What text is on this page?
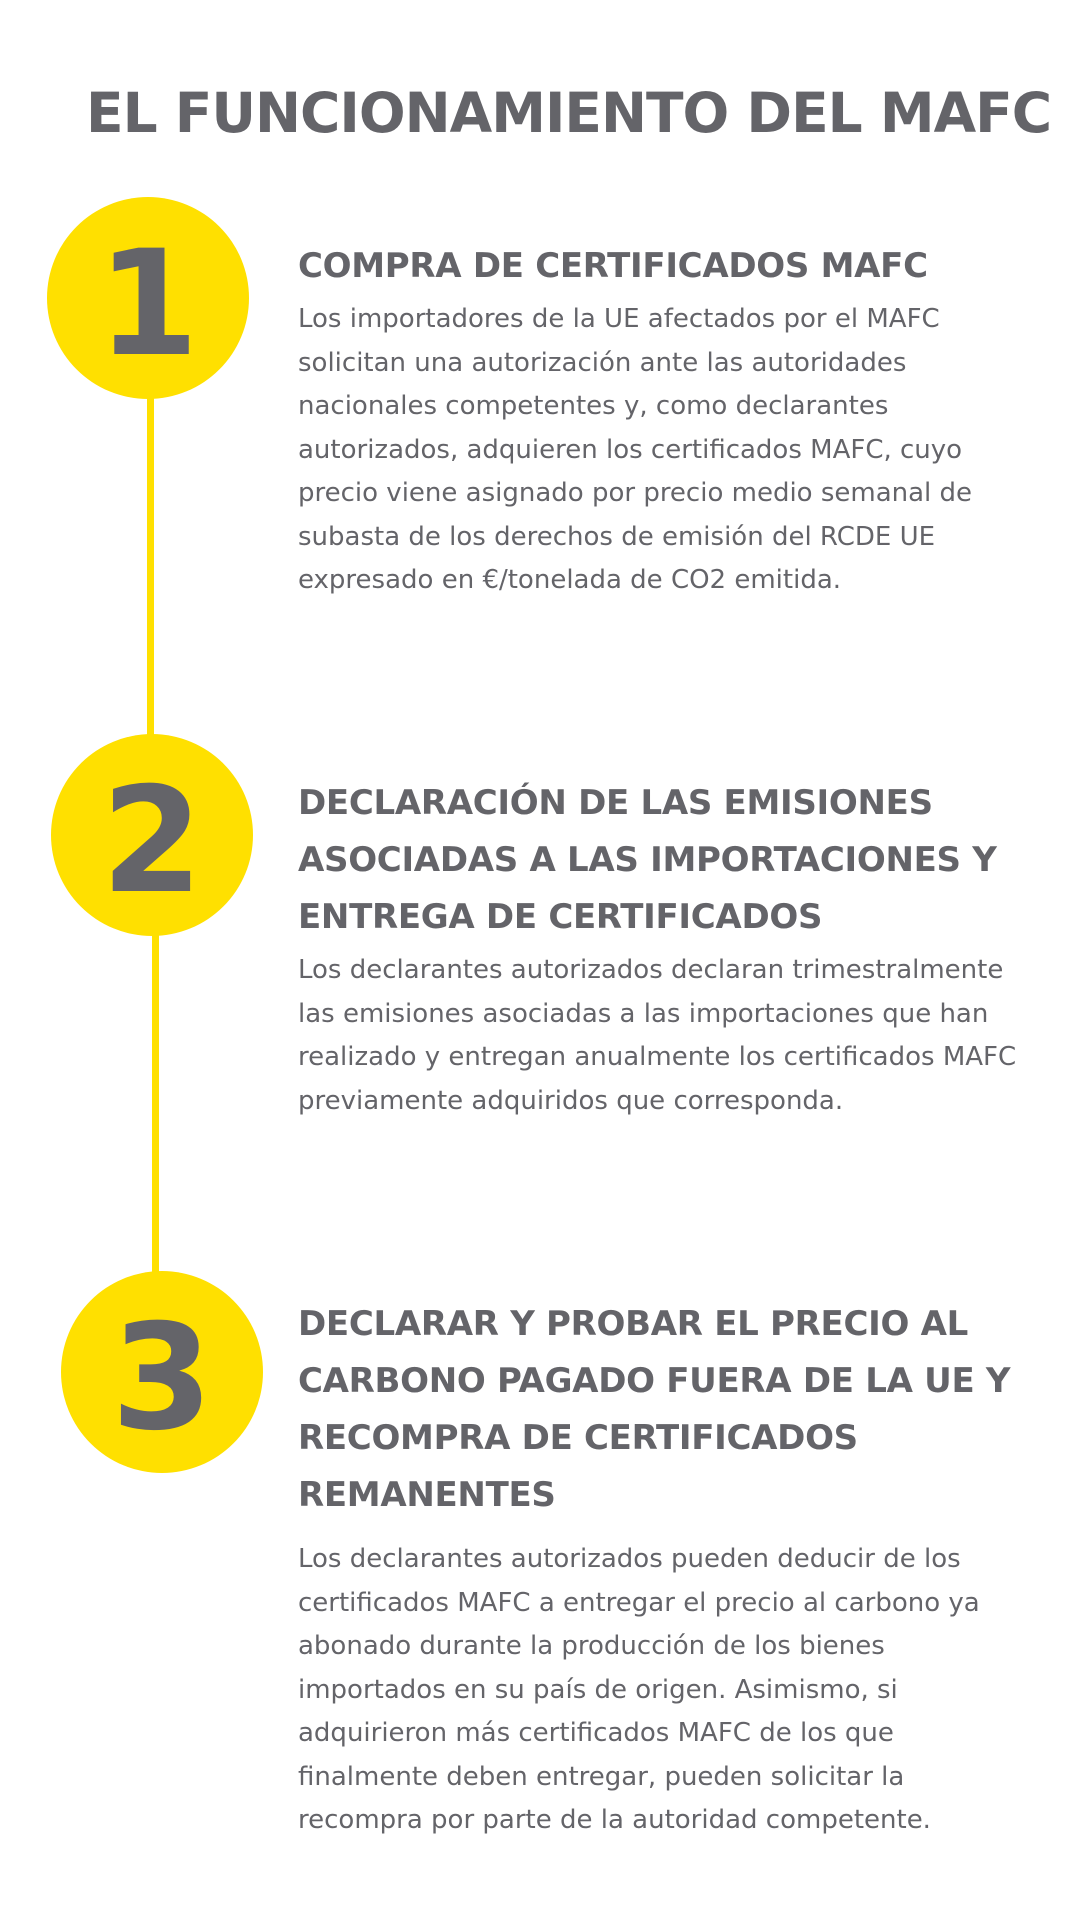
EL FUNCIONAMIENTO DEL MAFC
1	COMPRA DE CERTIFICADOS MAFC

Los importadores de la UE afectados por el MAFC solicitan una autorización ante las autoridades nacionales competentes y, como declarantes autorizados, adquieren los certificados MAFC, cuyo precio viene asignado por precio medio semanal de subasta de los derechos de emisión del RCDE UE expresado en €/tonelada de CO2 emitida.

2	DECLARACIÓN DE LAS EMISIONES ASOCIADAS A LAS IMPORTACIONES Y ENTREGA DE CERTIFICADOS

Los declarantes autorizados declaran trimestralmente las emisiones asociadas a las importaciones que han realizado y entregan anualmente los certificados MAFC previamente adquiridos que corresponda.

3	DECLARAR Y PROBAR EL PRECIO AL CARBONO PAGADO FUERA DE LA UE Y RECOMPRA DE CERTIFICADOS REMANENTES

Los declarantes autorizados pueden deducir de los certificados MAFC a entregar el precio al carbono ya abonado durante la producción de los bienes importados en su país de origen. Asimismo, si adquirieron más certificados MAFC de los que finalmente deben entregar, pueden solicitar la recompra por parte de la autoridad competente.
